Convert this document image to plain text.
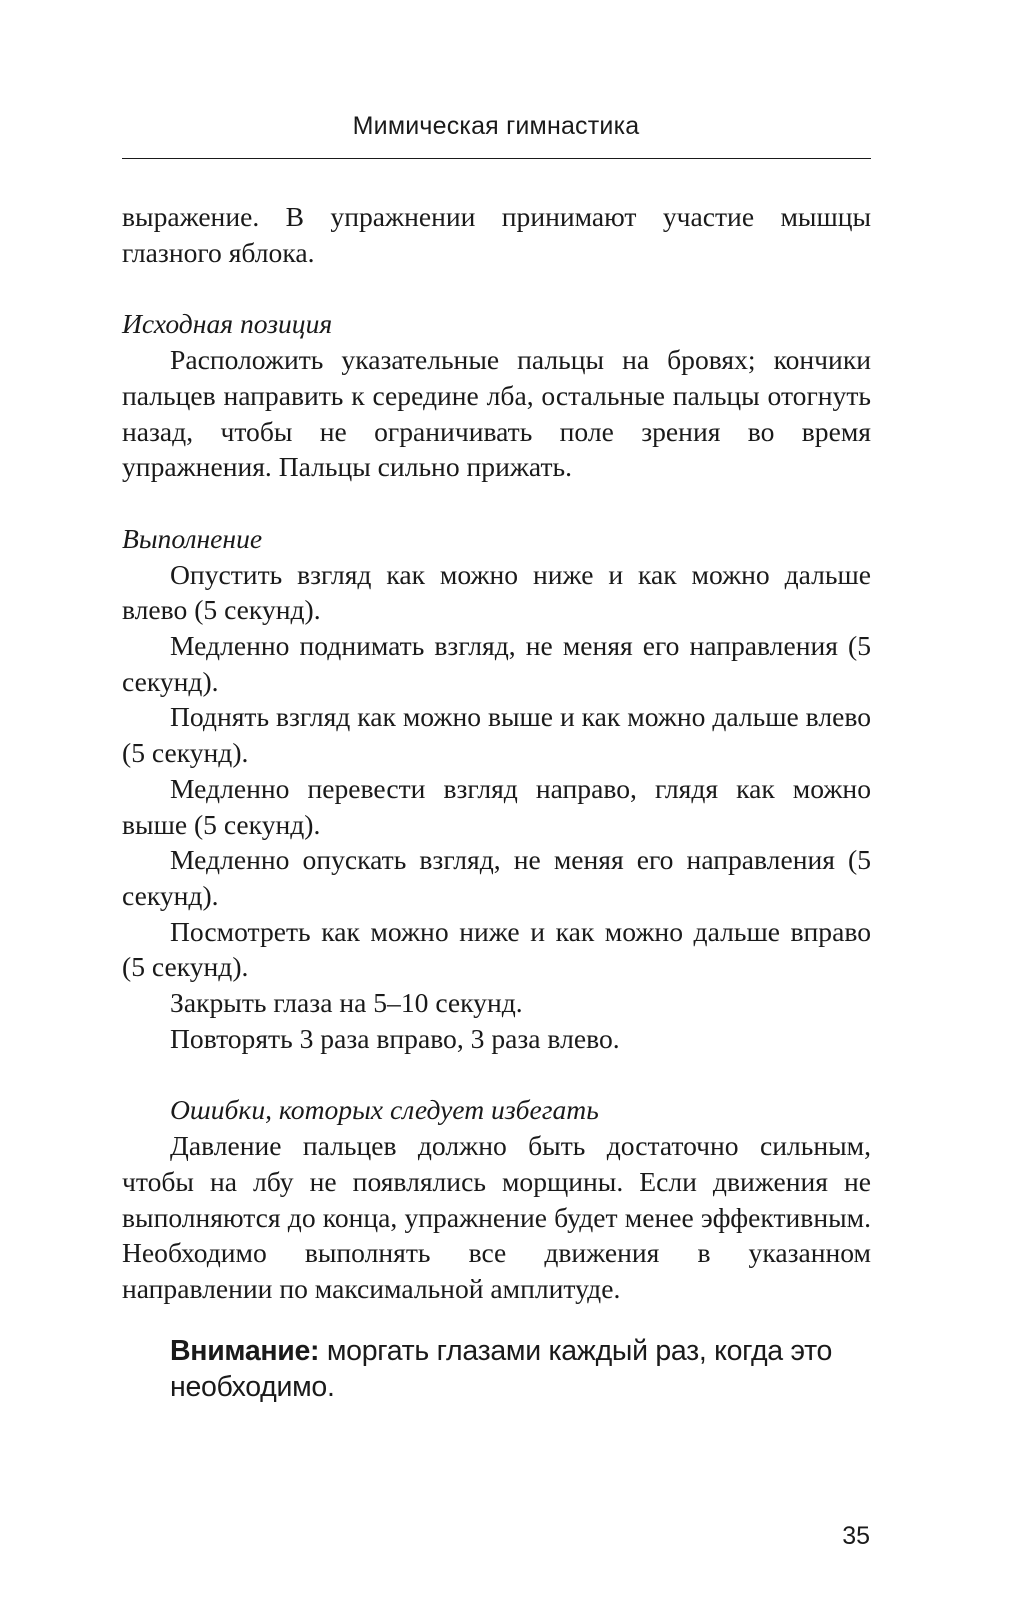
Мимическая гимнастика

выражение. В упражнении принимают участие мышцы глазного яблока.

Исходная позиция

Расположить указательные пальцы на бровях; кончики пальцев направить к середине лба, остальные пальцы отогнуть назад, чтобы не ограничивать поле зрения во время упражнения. Пальцы сильно прижать.

Выполнение

Опустить взгляд как можно ниже и как можно дальше влево (5 секунд).

Медленно поднимать взгляд, не меняя его направления (5 секунд).

Поднять взгляд как можно выше и как можно дальше влево (5 секунд).

Медленно перевести взгляд направо, глядя как можно выше (5 секунд).

Медленно опускать взгляд, не меняя его направления (5 секунд).

Посмотреть как можно ниже и как можно дальше вправо (5 секунд).

Закрыть глаза на 5–10 секунд.

Повторять 3 раза вправо, 3 раза влево.

Ошибки, которых следует избегать

Давление пальцев должно быть достаточно сильным, чтобы на лбу не появлялись морщины. Если движения не выполняются до конца, упражнение будет менее эффективным. Необходимо выполнять все движения в указанном направлении по максимальной амплитуде.

Внимание: моргать глазами каждый раз, когда это необходимо.
35
